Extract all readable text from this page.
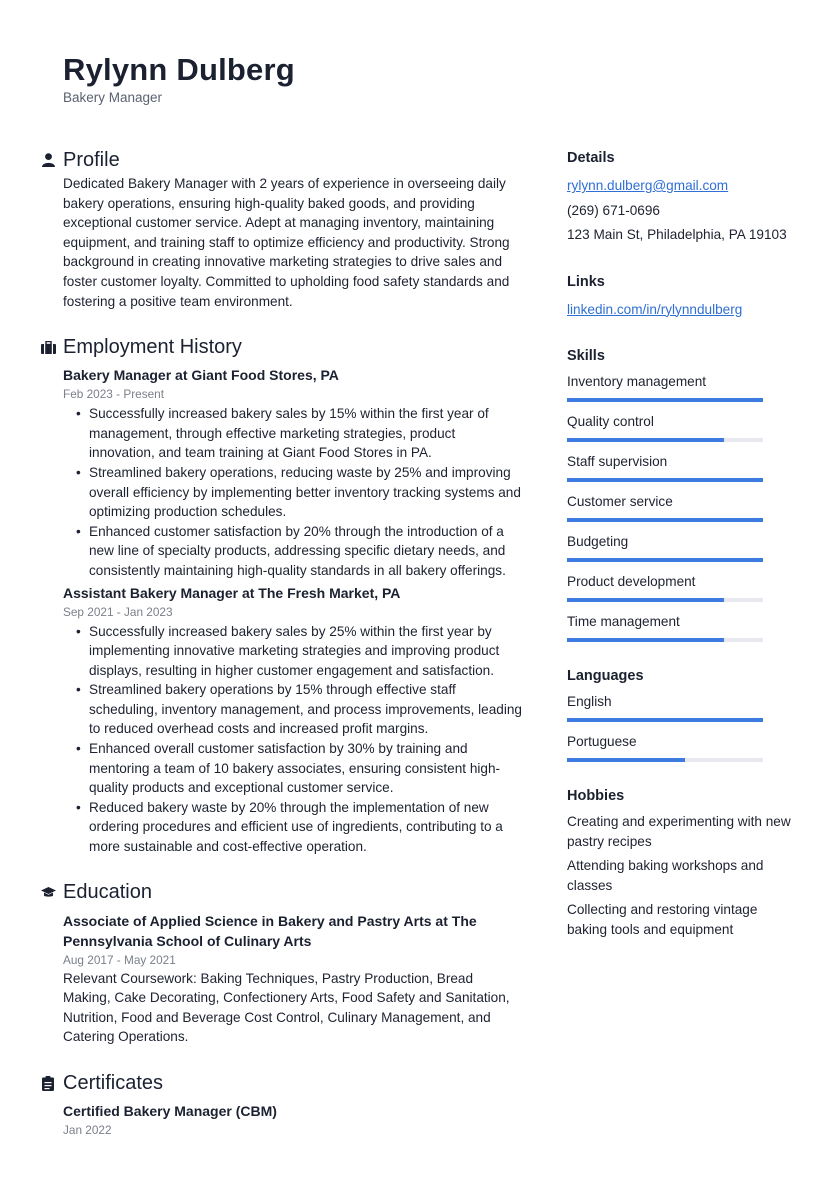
Rylynn Dulberg
Bakery Manager
Profile
Dedicated Bakery Manager with 2 years of experience in overseeing daily bakery operations, ensuring high-quality baked goods, and providing exceptional customer service. Adept at managing inventory, maintaining equipment, and training staff to optimize efficiency and productivity. Strong background in creating innovative marketing strategies to drive sales and foster customer loyalty. Committed to upholding food safety standards and fostering a positive team environment.
Employment History
Bakery Manager at Giant Food Stores, PA
Feb 2023 - Present
• Successfully increased bakery sales by 15% within the first year of management, through effective marketing strategies, product innovation, and team training at Giant Food Stores in PA.
• Streamlined bakery operations, reducing waste by 25% and improving overall efficiency by implementing better inventory tracking systems and optimizing production schedules.
• Enhanced customer satisfaction by 20% through the introduction of a new line of specialty products, addressing specific dietary needs, and consistently maintaining high-quality standards in all bakery offerings.
Assistant Bakery Manager at The Fresh Market, PA
Sep 2021 - Jan 2023
• Successfully increased bakery sales by 25% within the first year by implementing innovative marketing strategies and improving product displays, resulting in higher customer engagement and satisfaction.
• Streamlined bakery operations by 15% through effective staff scheduling, inventory management, and process improvements, leading to reduced overhead costs and increased profit margins.
• Enhanced overall customer satisfaction by 30% by training and mentoring a team of 10 bakery associates, ensuring consistent high-quality products and exceptional customer service.
• Reduced bakery waste by 20% through the implementation of new ordering procedures and efficient use of ingredients, contributing to a more sustainable and cost-effective operation.
Education
Associate of Applied Science in Bakery and Pastry Arts at The Pennsylvania School of Culinary Arts
Aug 2017 - May 2021
Relevant Coursework: Baking Techniques, Pastry Production, Bread Making, Cake Decorating, Confectionery Arts, Food Safety and Sanitation, Nutrition, Food and Beverage Cost Control, Culinary Management, and Catering Operations.
Certificates
Certified Bakery Manager (CBM)
Jan 2022
Details
rylynn.dulberg@gmail.com
(269) 671-0696
123 Main St, Philadelphia, PA 19103
Links
linkedin.com/in/rylynndulberg
Skills
Inventory management
Quality control
Staff supervision
Customer service
Budgeting
Product development
Time management
Languages
English
Portuguese
Hobbies
Creating and experimenting with new pastry recipes
Attending baking workshops and classes
Collecting and restoring vintage baking tools and equipment
